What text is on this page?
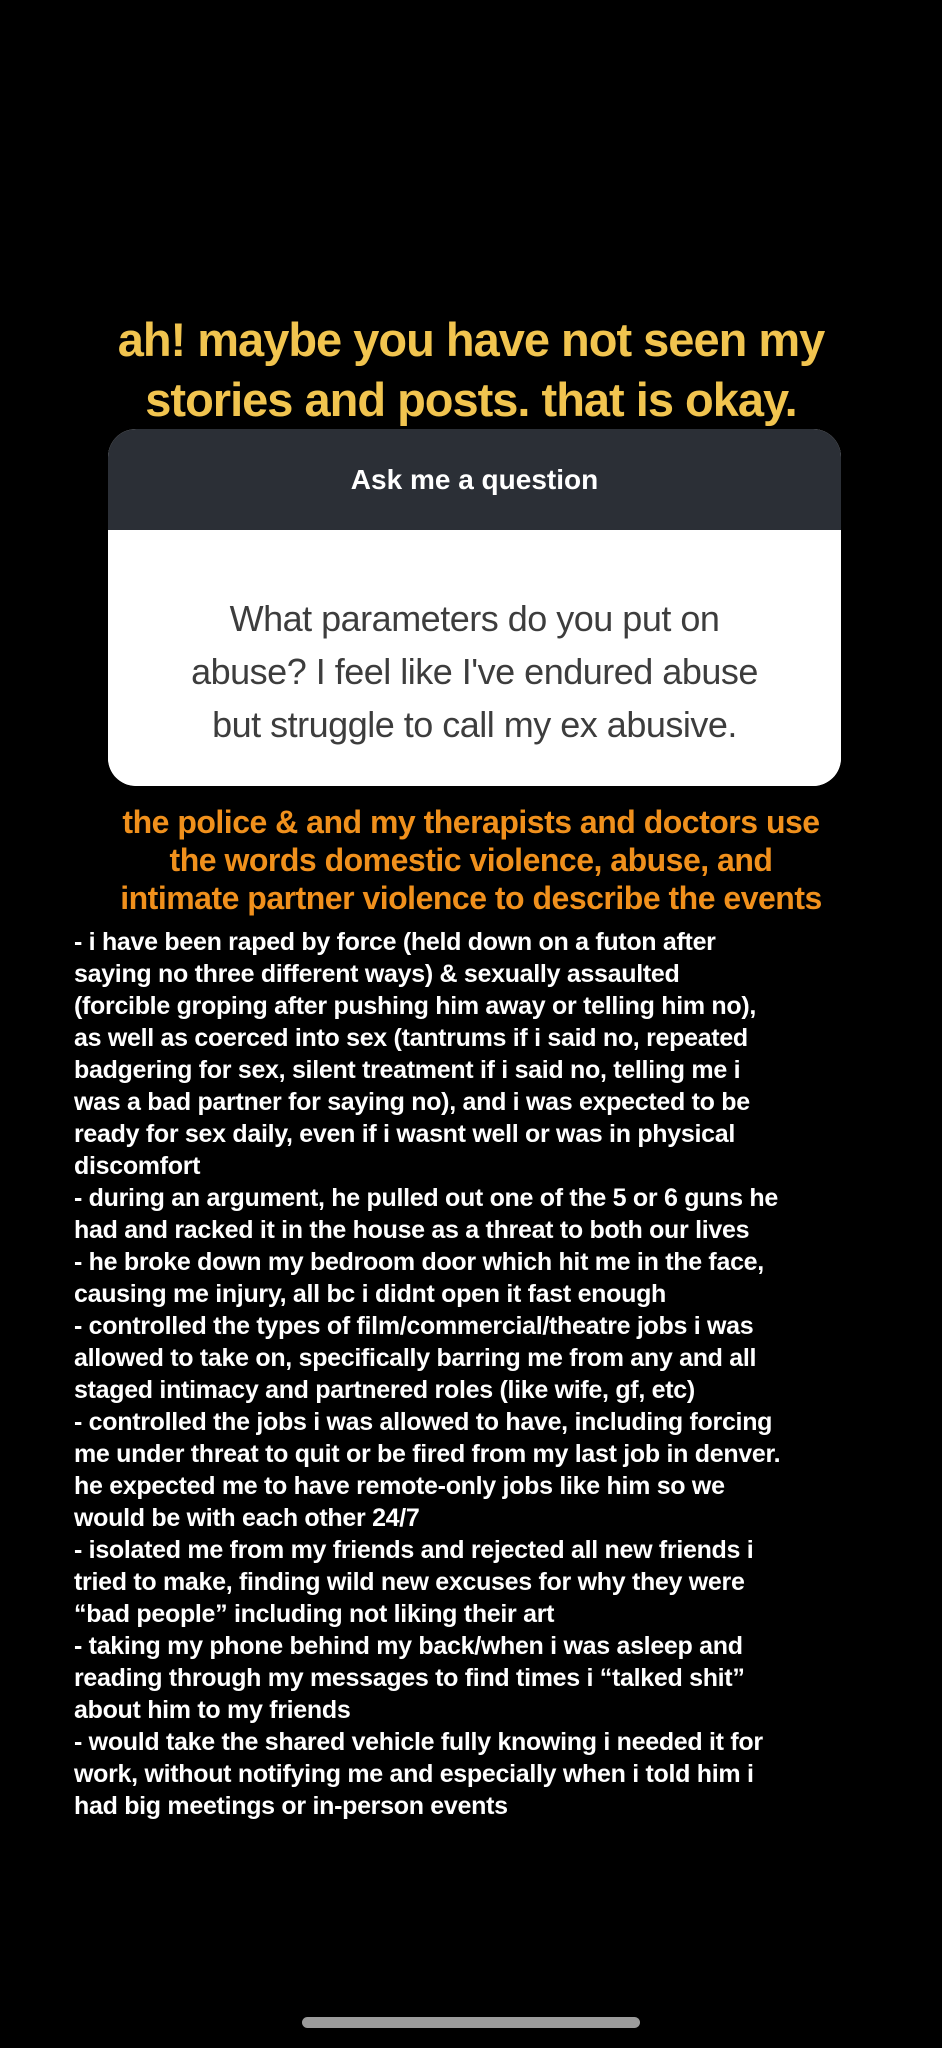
ah! maybe you have not seen my
stories and posts. that is okay.
Ask me a question
What parameters do you put on
abuse? I feel like I've endured abuse
but struggle to call my ex abusive.
the police & and my therapists and doctors use
the words domestic violence, abuse, and
intimate partner violence to describe the events
- i have been raped by force (held down on a futon after
saying no three different ways) & sexually assaulted
(forcible groping after pushing him away or telling him no),
as well as coerced into sex (tantrums if i said no, repeated
badgering for sex, silent treatment if i said no, telling me i
was a bad partner for saying no), and i was expected to be
ready for sex daily, even if i wasnt well or was in physical
discomfort
- during an argument, he pulled out one of the 5 or 6 guns he
had and racked it in the house as a threat to both our lives
- he broke down my bedroom door which hit me in the face,
causing me injury, all bc i didnt open it fast enough
- controlled the types of film/commercial/theatre jobs i was
allowed to take on, specifically barring me from any and all
staged intimacy and partnered roles (like wife, gf, etc)
- controlled the jobs i was allowed to have, including forcing
me under threat to quit or be fired from my last job in denver.
he expected me to have remote-only jobs like him so we
would be with each other 24/7
- isolated me from my friends and rejected all new friends i
tried to make, finding wild new excuses for why they were
“bad people” including not liking their art
- taking my phone behind my back/when i was asleep and
reading through my messages to find times i “talked shit”
about him to my friends
- would take the shared vehicle fully knowing i needed it for
work, without notifying me and especially when i told him i
had big meetings or in-person events
